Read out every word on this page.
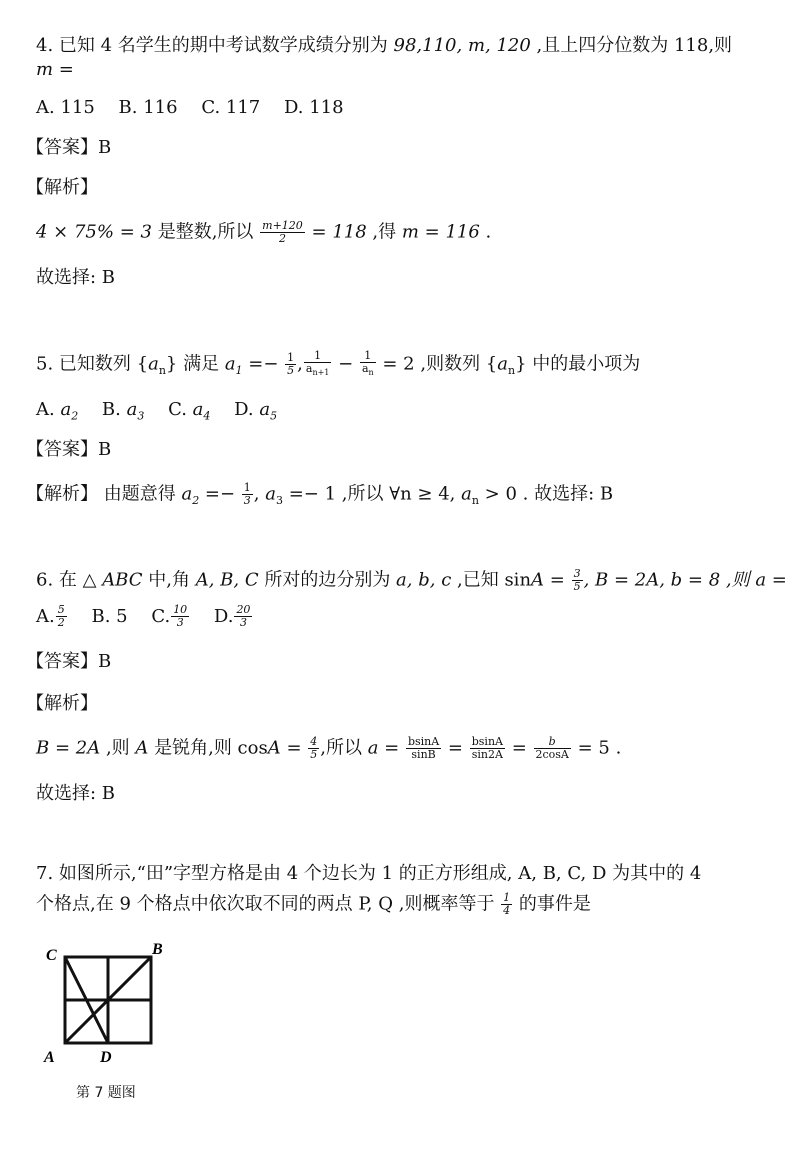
4. 已知 4 名学生的期中考试数学成绩分别为 98,110, m, 120 ,且上四分位数为 118,则
m =
A. 115 B. 116 C. 117 D. 118
【答案】B
【解析】
4 × 75% = 3 是整数,所以 $\frac{m+120}{2} = 118$ ,得 m = 116 .
故选择: B
5. 已知数列 $\{a_n\}$ 满足 $a_1 =- \frac{1}{5}$ , $\frac{1}{a_{n+1}} - \frac{1}{a_n} = 2$ ,则数列 $\{a_n\}$ 中的最小项为
A. $a_2$ B. $a_3$ C. $a_4$ D. $a_5$
【答案】B
【解析】 由题意得 $a_2 =- \frac{1}{3}$ , $a_3 =- 1$ ,所以 ∀n ≥ 4, $a_n > 0$ . 故选择: B
6. 在 △ ABC 中,角 A, B, C 所对的边分别为 a, b, c ,已知 $\sin A = \frac{3}{5}$ , B = 2A, b = 8 ,则 a =
A. $\frac{5}{2} B$. 5 C. $\frac{10}{3} D$. $\frac{20}{3}$
【答案】B
【解析】
B = 2A ,则 A 是锐角,则 $\cos A = \frac{4}{5}$ ,所以 $a = \frac{bsinA}{\sin B} = \frac{bsinA}{\sin 2A} = \frac{b}{2\cos A} = 5$ .
故选择: B
7. 如图所示,“田”字型方格是由 4 个边长为 1 的正方形组成, A, B, C, D 为其中的 4
个格点,在 9 个格点中依次取不同的两点 P, Q ,则概率等于 $\frac{1}{4}$ 的事件是
C	B
A	D
第 7 题图
